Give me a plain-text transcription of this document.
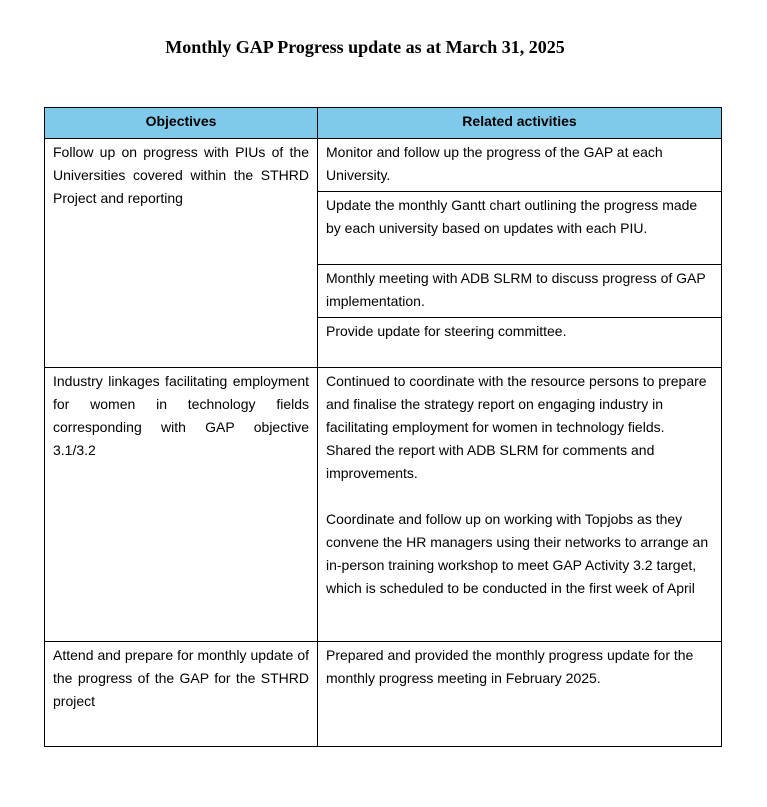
Monthly GAP Progress update as at March 31, 2025
Objectives	Related activities
Follow up on progress with PIUs of the Universities covered within the STHRD Project and reporting	Monitor and follow up the progress of the GAP at each University.
	Update the monthly Gantt chart outlining the progress made by each university based on updates with each PIU.
	Monthly meeting with ADB SLRM to discuss progress of GAP implementation.
	Provide update for steering committee.
Industry linkages facilitating employment for women in technology fields corresponding with GAP objective 3.1/3.2	Continued to coordinate with the resource persons to prepare and finalise the strategy report on engaging industry in facilitating employment for women in technology fields. Shared the report with ADB SLRM for comments and improvements.
Coordinate and follow up on working with Topjobs as they convene the HR managers using their networks to arrange an in-person training workshop to meet GAP Activity 3.2 target, which is scheduled to be conducted in the first week of April

Attend and prepare for monthly update of the progress of the GAP for the STHRD project	Prepared and provided the monthly progress update for the monthly progress meeting in February 2025.
